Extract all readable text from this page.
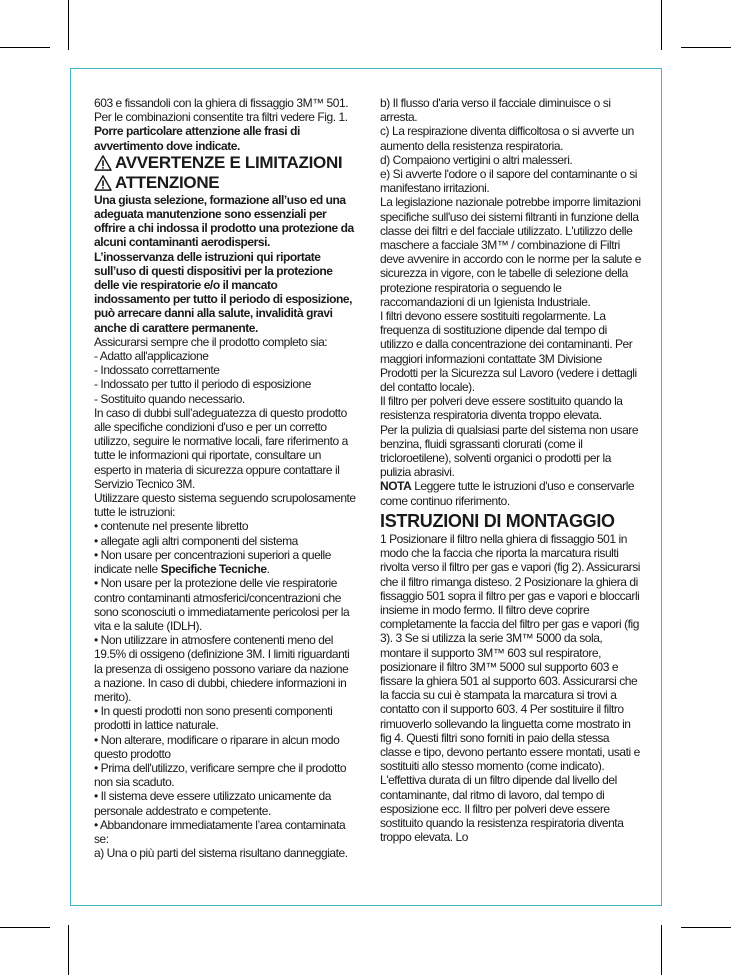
603 e fissandoli con la ghiera di fissaggio 3M™ 501. Per le combinazioni consentite tra filtri vedere Fig. 1.

Porre particolare attenzione alle frasi di avvertimento dove indicate.

AVVERTENZE E LIMITAZIONI

ATTENZIONE

Una giusta selezione, formazione all’uso ed una adeguata manutenzione sono essenziali per offrire a chi indossa il prodotto una protezione da alcuni contaminanti aerodispersi.

L’inosservanza delle istruzioni qui riportate sull’uso di questi dispositivi per la protezione delle vie respiratorie e/o il mancato indossamento per tutto il periodo di esposizione, può arrecare danni alla salute, invalidità gravi anche di carattere permanente.

Assicurarsi sempre che il prodotto completo sia:

- Adatto all'applicazione

- Indossato correttamente

- Indossato per tutto il periodo di esposizione

- Sostituito quando necessario.

In caso di dubbi sull’adeguatezza di questo prodotto alle specifiche condizioni d'uso e per un corretto utilizzo, seguire le normative locali, fare riferimento a tutte le informazioni qui riportate, consultare un esperto in materia di sicurezza oppure contattare il Servizio Tecnico 3M.

Utilizzare questo sistema seguendo scrupolosamente tutte le istruzioni:

• contenute nel presente libretto

• allegate agli altri componenti del sistema

• Non usare per concentrazioni superiori a quelle indicate nelle Specifiche Tecniche.

• Non usare per la protezione delle vie respiratorie contro contaminanti atmosferici/concentrazioni che sono sconosciuti o immediatamente pericolosi per la vita e la salute (IDLH).

• Non utilizzare in atmosfere contenenti meno del 19.5% di ossigeno (definizione 3M. I limiti riguardanti la presenza di ossigeno possono variare da nazione a nazione. In caso di dubbi, chiedere informazioni in merito).

• In questi prodotti non sono presenti componenti prodotti in lattice naturale.

• Non alterare, modificare o riparare in alcun modo questo prodotto

• Prima dell'utilizzo, verificare sempre che il prodotto non sia scaduto.

• Il sistema deve essere utilizzato unicamente da personale addestrato e competente.

• Abbandonare immediatamente l’area contaminata se:

a) Una o più parti del sistema risultano danneggiate.

b) Il flusso d'aria verso il facciale diminuisce o si arresta.

c) La respirazione diventa difficoltosa o si avverte un aumento della resistenza respiratoria.

d) Compaiono vertigini o altri malesseri.

e) Si avverte l'odore o il sapore del contaminante o si manifestano irritazioni.

La legislazione nazionale potrebbe imporre limitazioni specifiche sull'uso dei sistemi filtranti in funzione della classe dei filtri e del facciale utilizzato. L'utilizzo delle maschere a facciale 3M™ / combinazione di Filtri deve avvenire in accordo con le norme per la salute e sicurezza in vigore, con le tabelle di selezione della protezione respiratoria o seguendo le raccomandazioni di un Igienista Industriale.

I filtri devono essere sostituiti regolarmente. La frequenza di sostituzione dipende dal tempo di utilizzo e dalla concentrazione dei contaminanti. Per maggiori informazioni contattate 3M Divisione Prodotti per la Sicurezza sul Lavoro (vedere i dettagli del contatto locale).

Il filtro per polveri deve essere sostituito quando la resistenza respiratoria diventa troppo elevata.

Per la pulizia di qualsiasi parte del sistema non usare benzina, fluidi sgrassanti clorurati (come il tricloroetilene), solventi organici o prodotti per la pulizia abrasivi.

NOTA Leggere tutte le istruzioni d'uso e conservarle come continuo riferimento.

ISTRUZIONI DI MONTAGGIO

1 Posizionare il filtro nella ghiera di fissaggio 501 in modo che la faccia che riporta la marcatura risulti rivolta verso il filtro per gas e vapori (fig 2). Assicurarsi che il filtro rimanga disteso. 2 Posizionare la ghiera di fissaggio 501 sopra il filtro per gas e vapori e bloccarli insieme in modo fermo. Il filtro deve coprire completamente la faccia del filtro per gas e vapori (fig 3). 3 Se si utilizza la serie 3M™ 5000 da sola, montare il supporto 3M™ 603 sul respiratore, posizionare il filtro 3M™ 5000 sul supporto 603 e fissare la ghiera 501 al supporto 603. Assicurarsi che la faccia su cui è stampata la marcatura si trovi a contatto con il supporto 603. 4 Per sostituire il filtro rimuoverlo sollevando la linguetta come mostrato in fig 4. Questi filtri sono forniti in paio della stessa classe e tipo, devono pertanto essere montati, usati e sostituiti allo stesso momento (come indicato). L'effettiva durata di un filtro dipende dal livello del contaminante, dal ritmo di lavoro, dal tempo di esposizione ecc. Il filtro per polveri deve essere sostituito quando la resistenza respiratoria diventa troppo elevata. Lo
